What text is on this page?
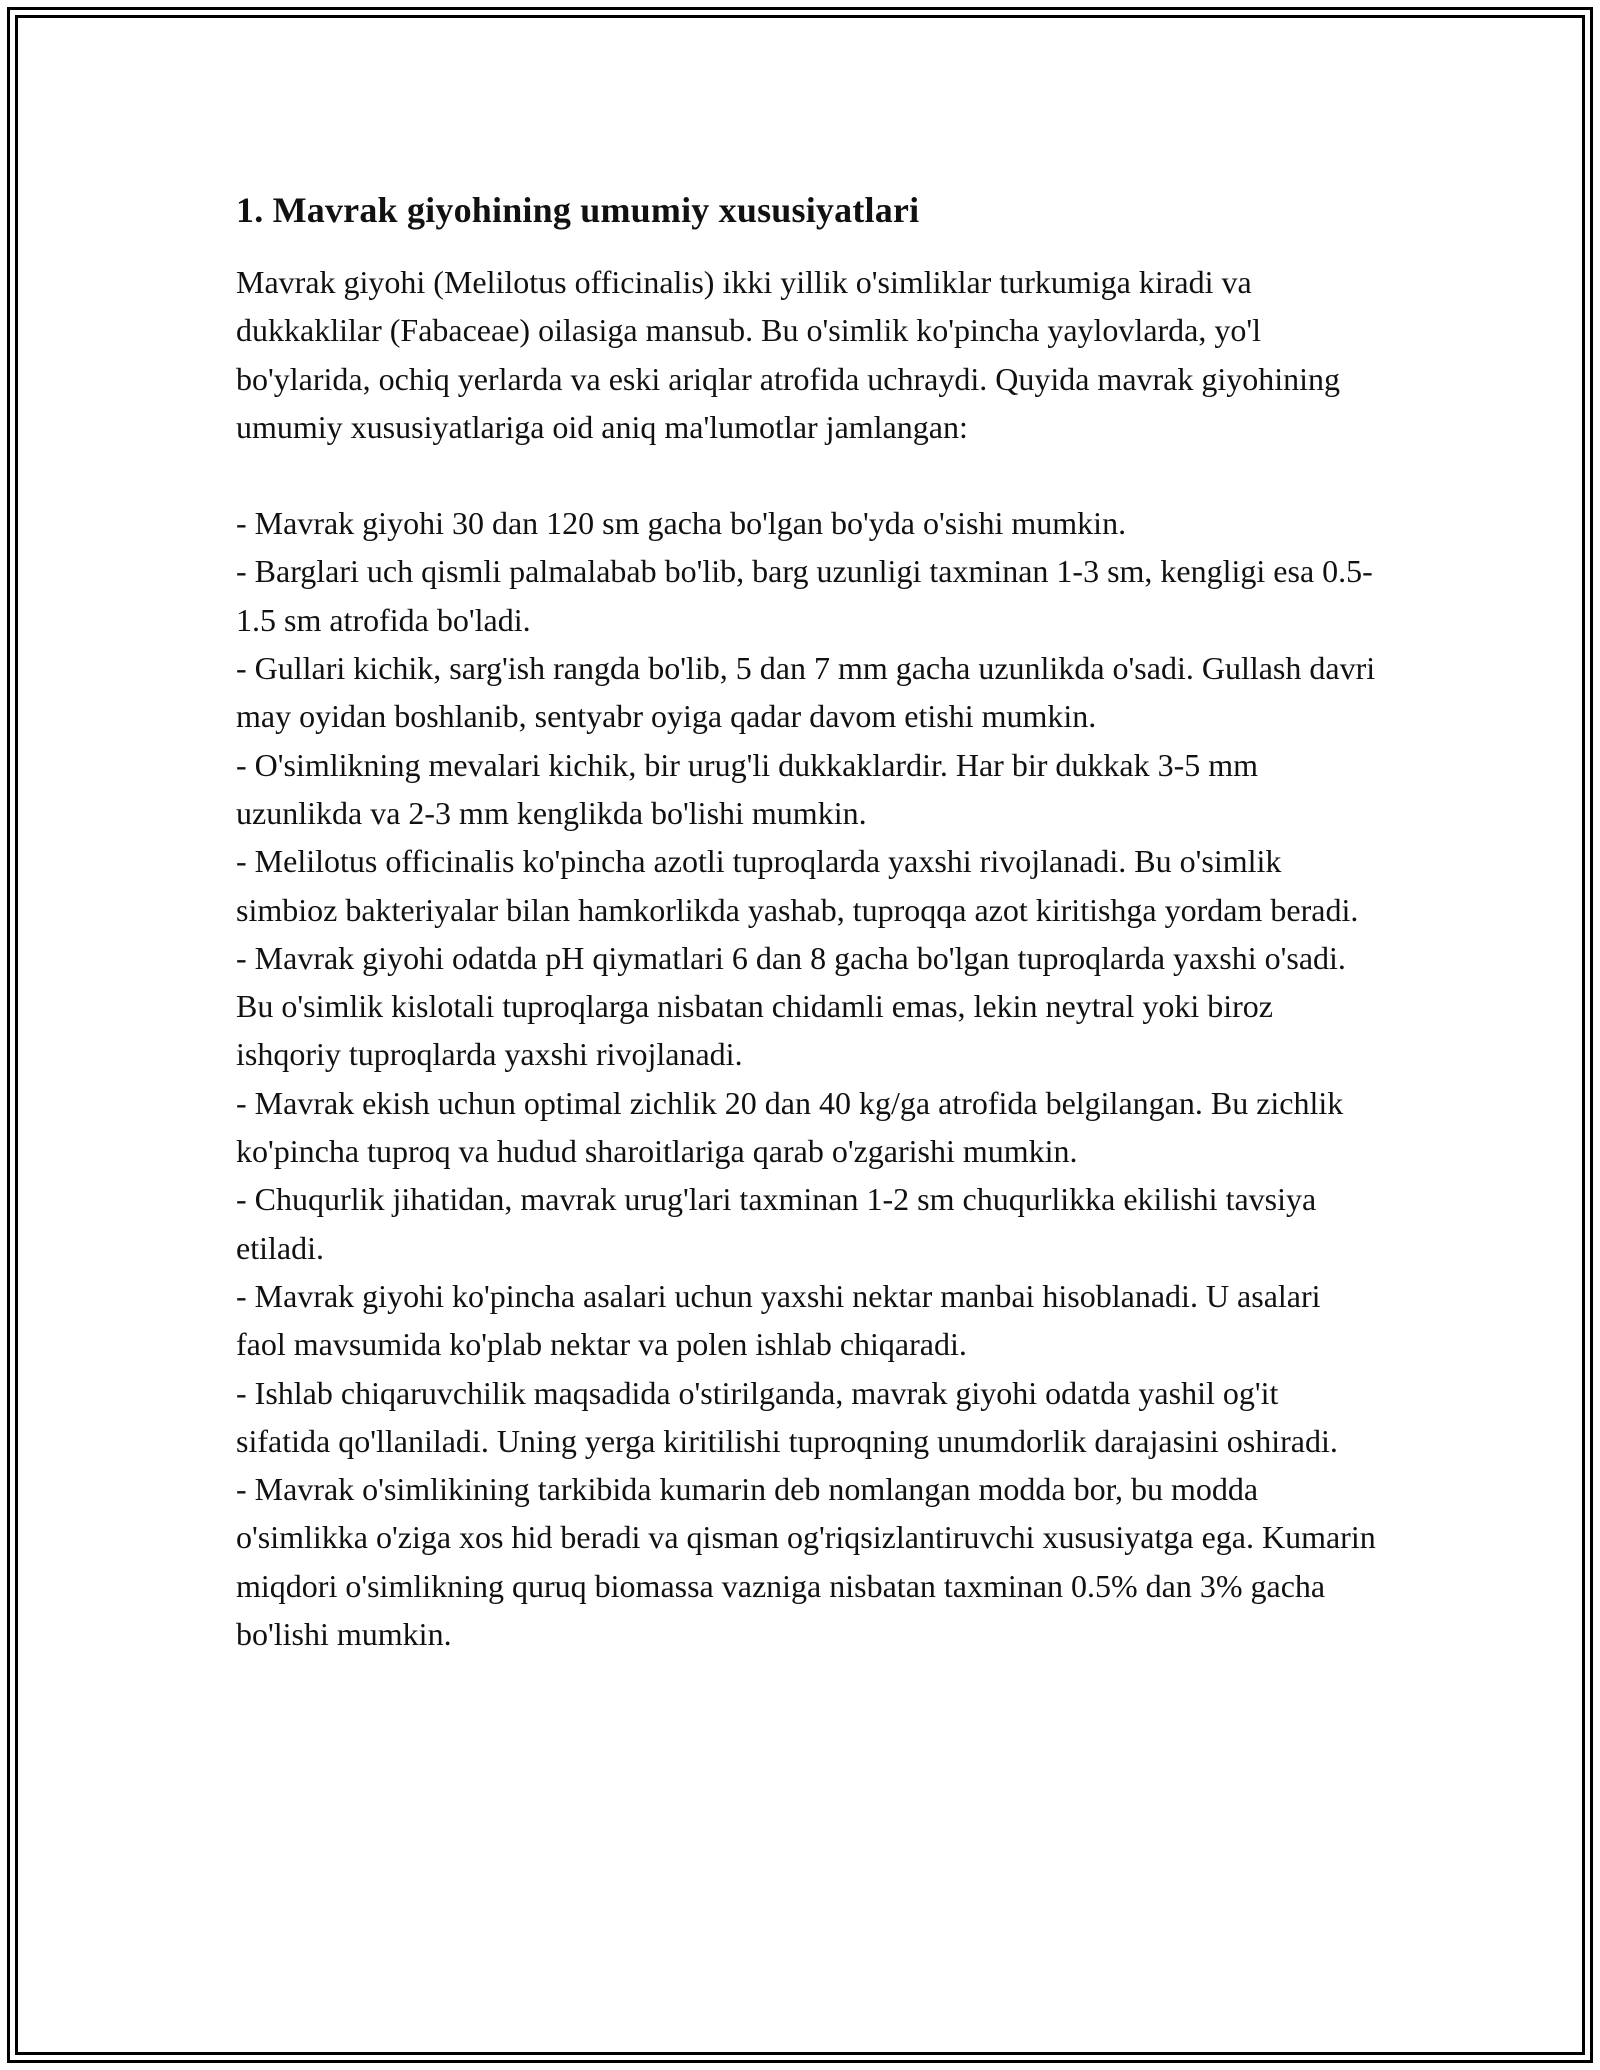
1. Mavrak giyohining umumiy xususiyatlari

Mavrak giyohi (Melilotus officinalis) ikki yillik o'simliklar turkumiga kiradi va dukkaklilar (Fabaceae) oilasiga mansub. Bu o'simlik ko'pincha yaylovlarda, yo'l bo'ylarida, ochiq yerlarda va eski ariqlar atrofida uchraydi. Quyida mavrak giyohining umumiy xususiyatlariga oid aniq ma'lumotlar jamlangan:

- Mavrak giyohi 30 dan 120 sm gacha bo'lgan bo'yda o'sishi mumkin.

- Barglari uch qismli palmalabab bo'lib, barg uzunligi taxminan 1-3 sm, kengligi esa 0.5-1.5 sm atrofida bo'ladi.

- Gullari kichik, sarg'ish rangda bo'lib, 5 dan 7 mm gacha uzunlikda o'sadi. Gullash davri may oyidan boshlanib, sentyabr oyiga qadar davom etishi mumkin.

- O'simlikning mevalari kichik, bir urug'li dukkaklardir. Har bir dukkak 3-5 mm uzunlikda va 2-3 mm kenglikda bo'lishi mumkin.

- Melilotus officinalis ko'pincha azotli tuproqlarda yaxshi rivojlanadi. Bu o'simlik simbioz bakteriyalar bilan hamkorlikda yashab, tuproqqa azot kiritishga yordam beradi.

- Mavrak giyohi odatda pH qiymatlari 6 dan 8 gacha bo'lgan tuproqlarda yaxshi o'sadi. Bu o'simlik kislotali tuproqlarga nisbatan chidamli emas, lekin neytral yoki biroz ishqoriy tuproqlarda yaxshi rivojlanadi.

- Mavrak ekish uchun optimal zichlik 20 dan 40 kg/ga atrofida belgilangan. Bu zichlik ko'pincha tuproq va hudud sharoitlariga qarab o'zgarishi mumkin.

- Chuqurlik jihatidan, mavrak urug'lari taxminan 1-2 sm chuqurlikka ekilishi tavsiya etiladi.

- Mavrak giyohi ko'pincha asalari uchun yaxshi nektar manbai hisoblanadi. U asalari faol mavsumida ko'plab nektar va polen ishlab chiqaradi.

- Ishlab chiqaruvchilik maqsadida o'stirilganda, mavrak giyohi odatda yashil og'it sifatida qo'llaniladi. Uning yerga kiritilishi tuproqning unumdorlik darajasini oshiradi.

- Mavrak o'simlikining tarkibida kumarin deb nomlangan modda bor, bu modda o'simlikka o'ziga xos hid beradi va qisman og'riqsizlantiruvchi xususiyatga ega. Kumarin miqdori o'simlikning quruq biomassa vazniga nisbatan taxminan 0.5% dan 3% gacha bo'lishi mumkin.
